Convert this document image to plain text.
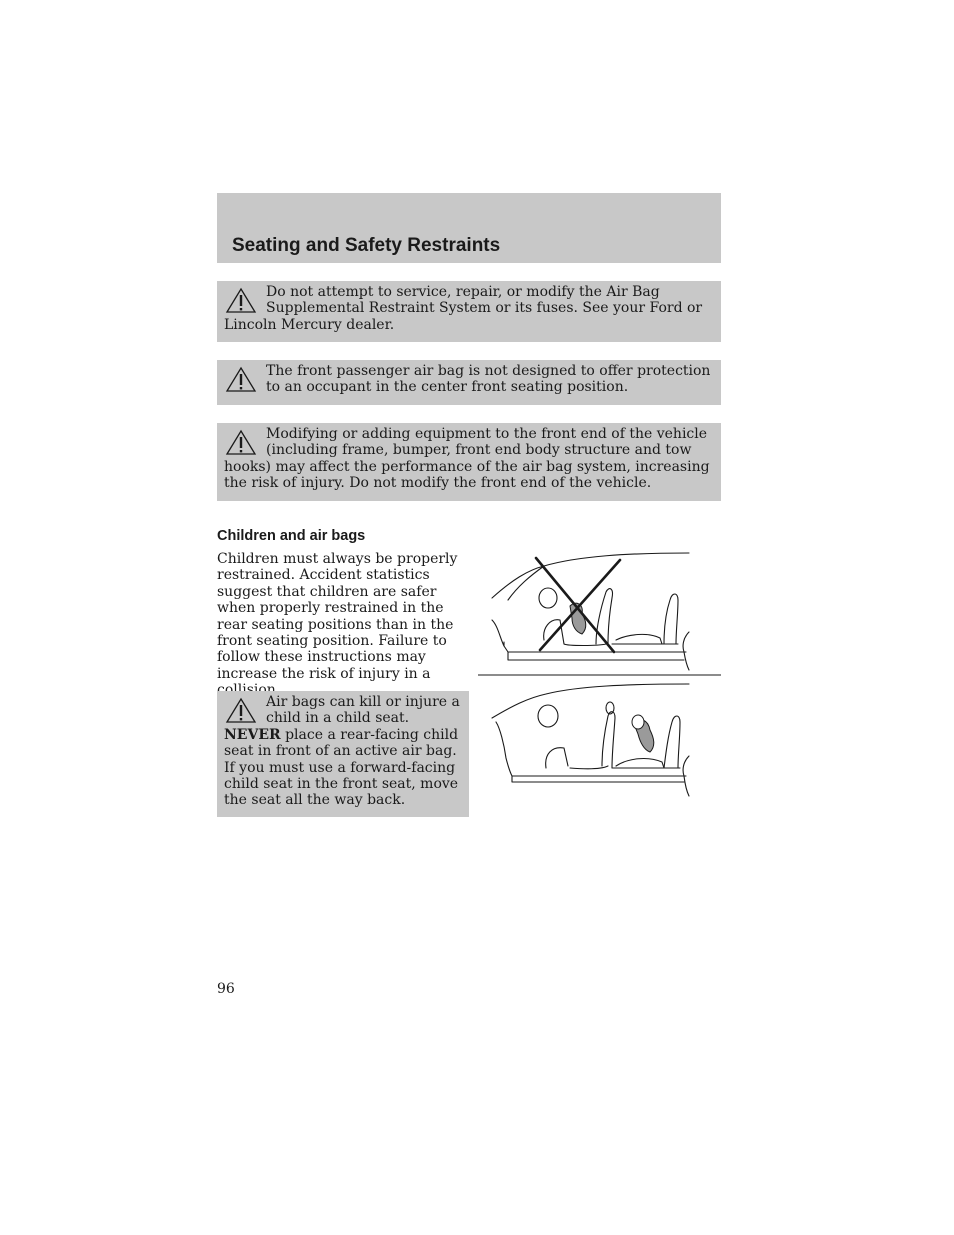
Seating and Safety Restraints

Do not attempt to service, repair, or modify the Air Bag Supplemental Restraint System or its fuses. See your Ford or Lincoln Mercury dealer.

The front passenger air bag is not designed to offer protection to an occupant in the center front seating position.

Modifying or adding equipment to the front end of the vehicle (including frame, bumper, front end body structure and tow hooks) may affect the performance of the air bag system, increasing the risk of injury. Do not modify the front end of the vehicle.

Children and air bags

Children must always be properly restrained. Accident statistics suggest that children are safer when properly restrained in the rear seating positions than in the front seating position. Failure to follow these instructions may increase the risk of injury in a

Air bags can kill or injure a child in a child seat. NEVER place a rear-facing child seat in front of an active air bag. If you must use a forward-facing child seat in the front seat, move the seat all the way back.

96
